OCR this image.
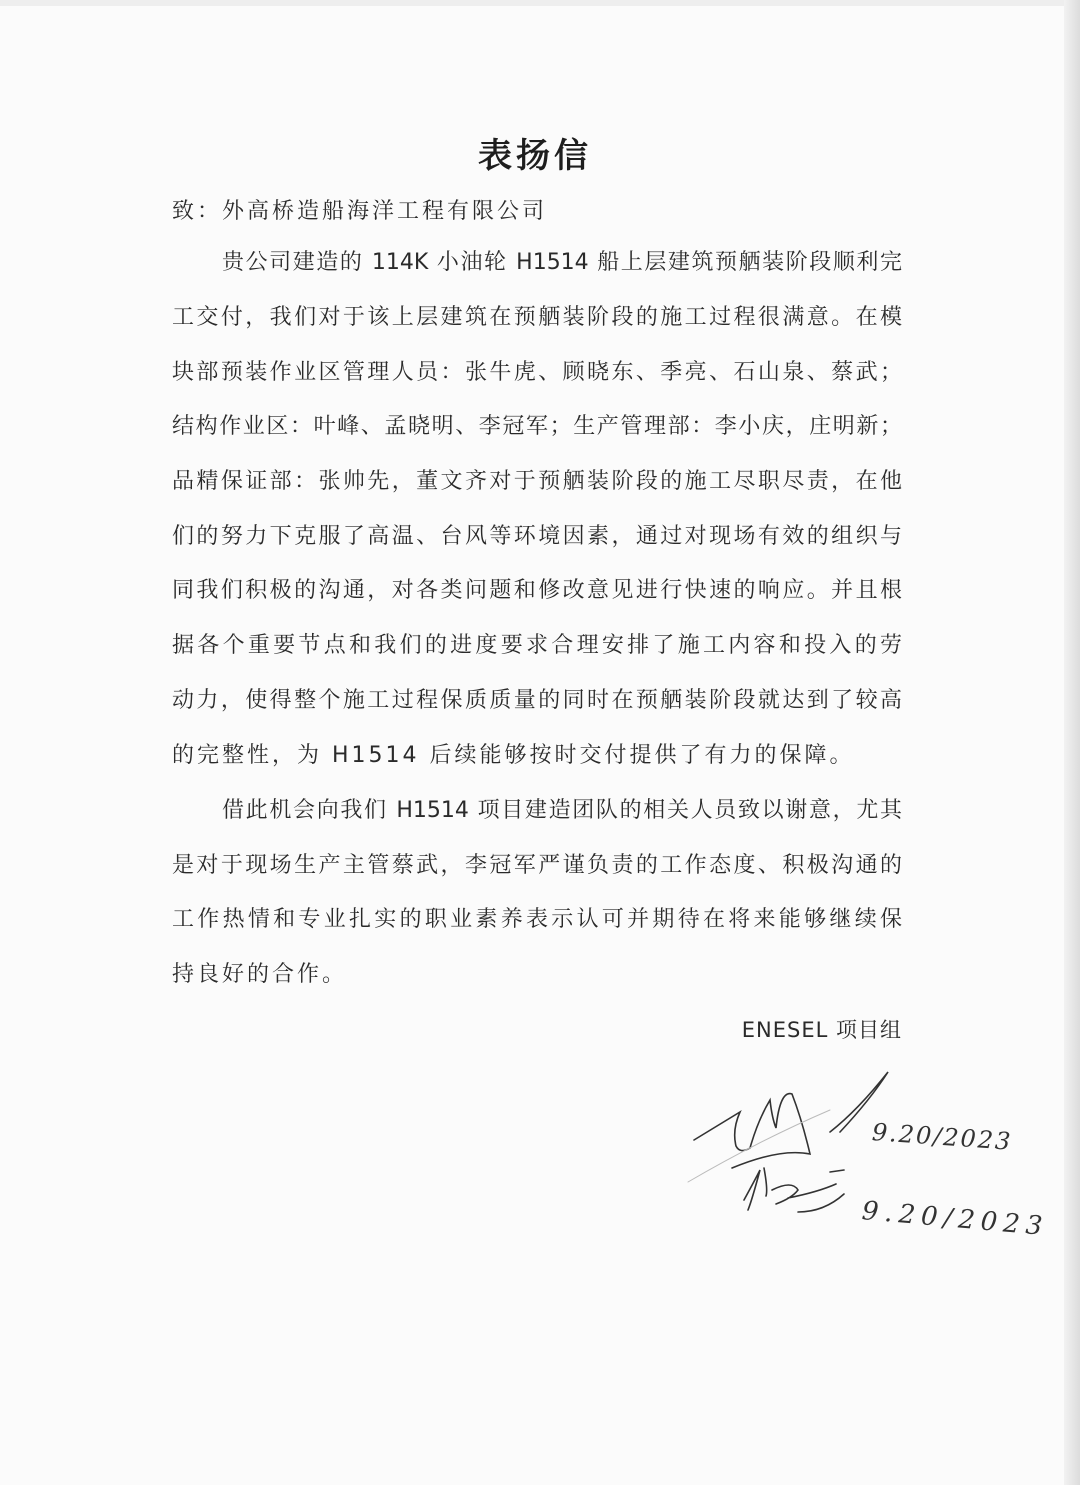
表扬信
致：外高桥造船海洋工程有限公司
贵公司建造的 114K 小油轮 H1514 船上层建筑预舾装阶段顺利完
工交付，我们对于该上层建筑在预舾装阶段的施工过程很满意。在模
块部预装作业区管理人员：张牛虎、顾晓东、季亮、石山泉、蔡武；
结构作业区：叶峰、孟晓明、李冠军；生产管理部：李小庆，庄明新；
品精保证部：张帅先，董文齐对于预舾装阶段的施工尽职尽责，在他
们的努力下克服了高温、台风等环境因素，通过对现场有效的组织与
同我们积极的沟通，对各类问题和修改意见进行快速的响应。并且根
据各个重要节点和我们的进度要求合理安排了施工内容和投入的劳
动力，使得整个施工过程保质质量的同时在预舾装阶段就达到了较高
的完整性，为 H1514 后续能够按时交付提供了有力的保障。
借此机会向我们 H1514 项目建造团队的相关人员致以谢意，尤其
是对于现场生产主管蔡武，李冠军严谨负责的工作态度、积极沟通的
工作热情和专业扎实的职业素养表示认可并期待在将来能够继续保
持良好的合作。
ENESEL 项目组
9.20/2023
9.20/2023
